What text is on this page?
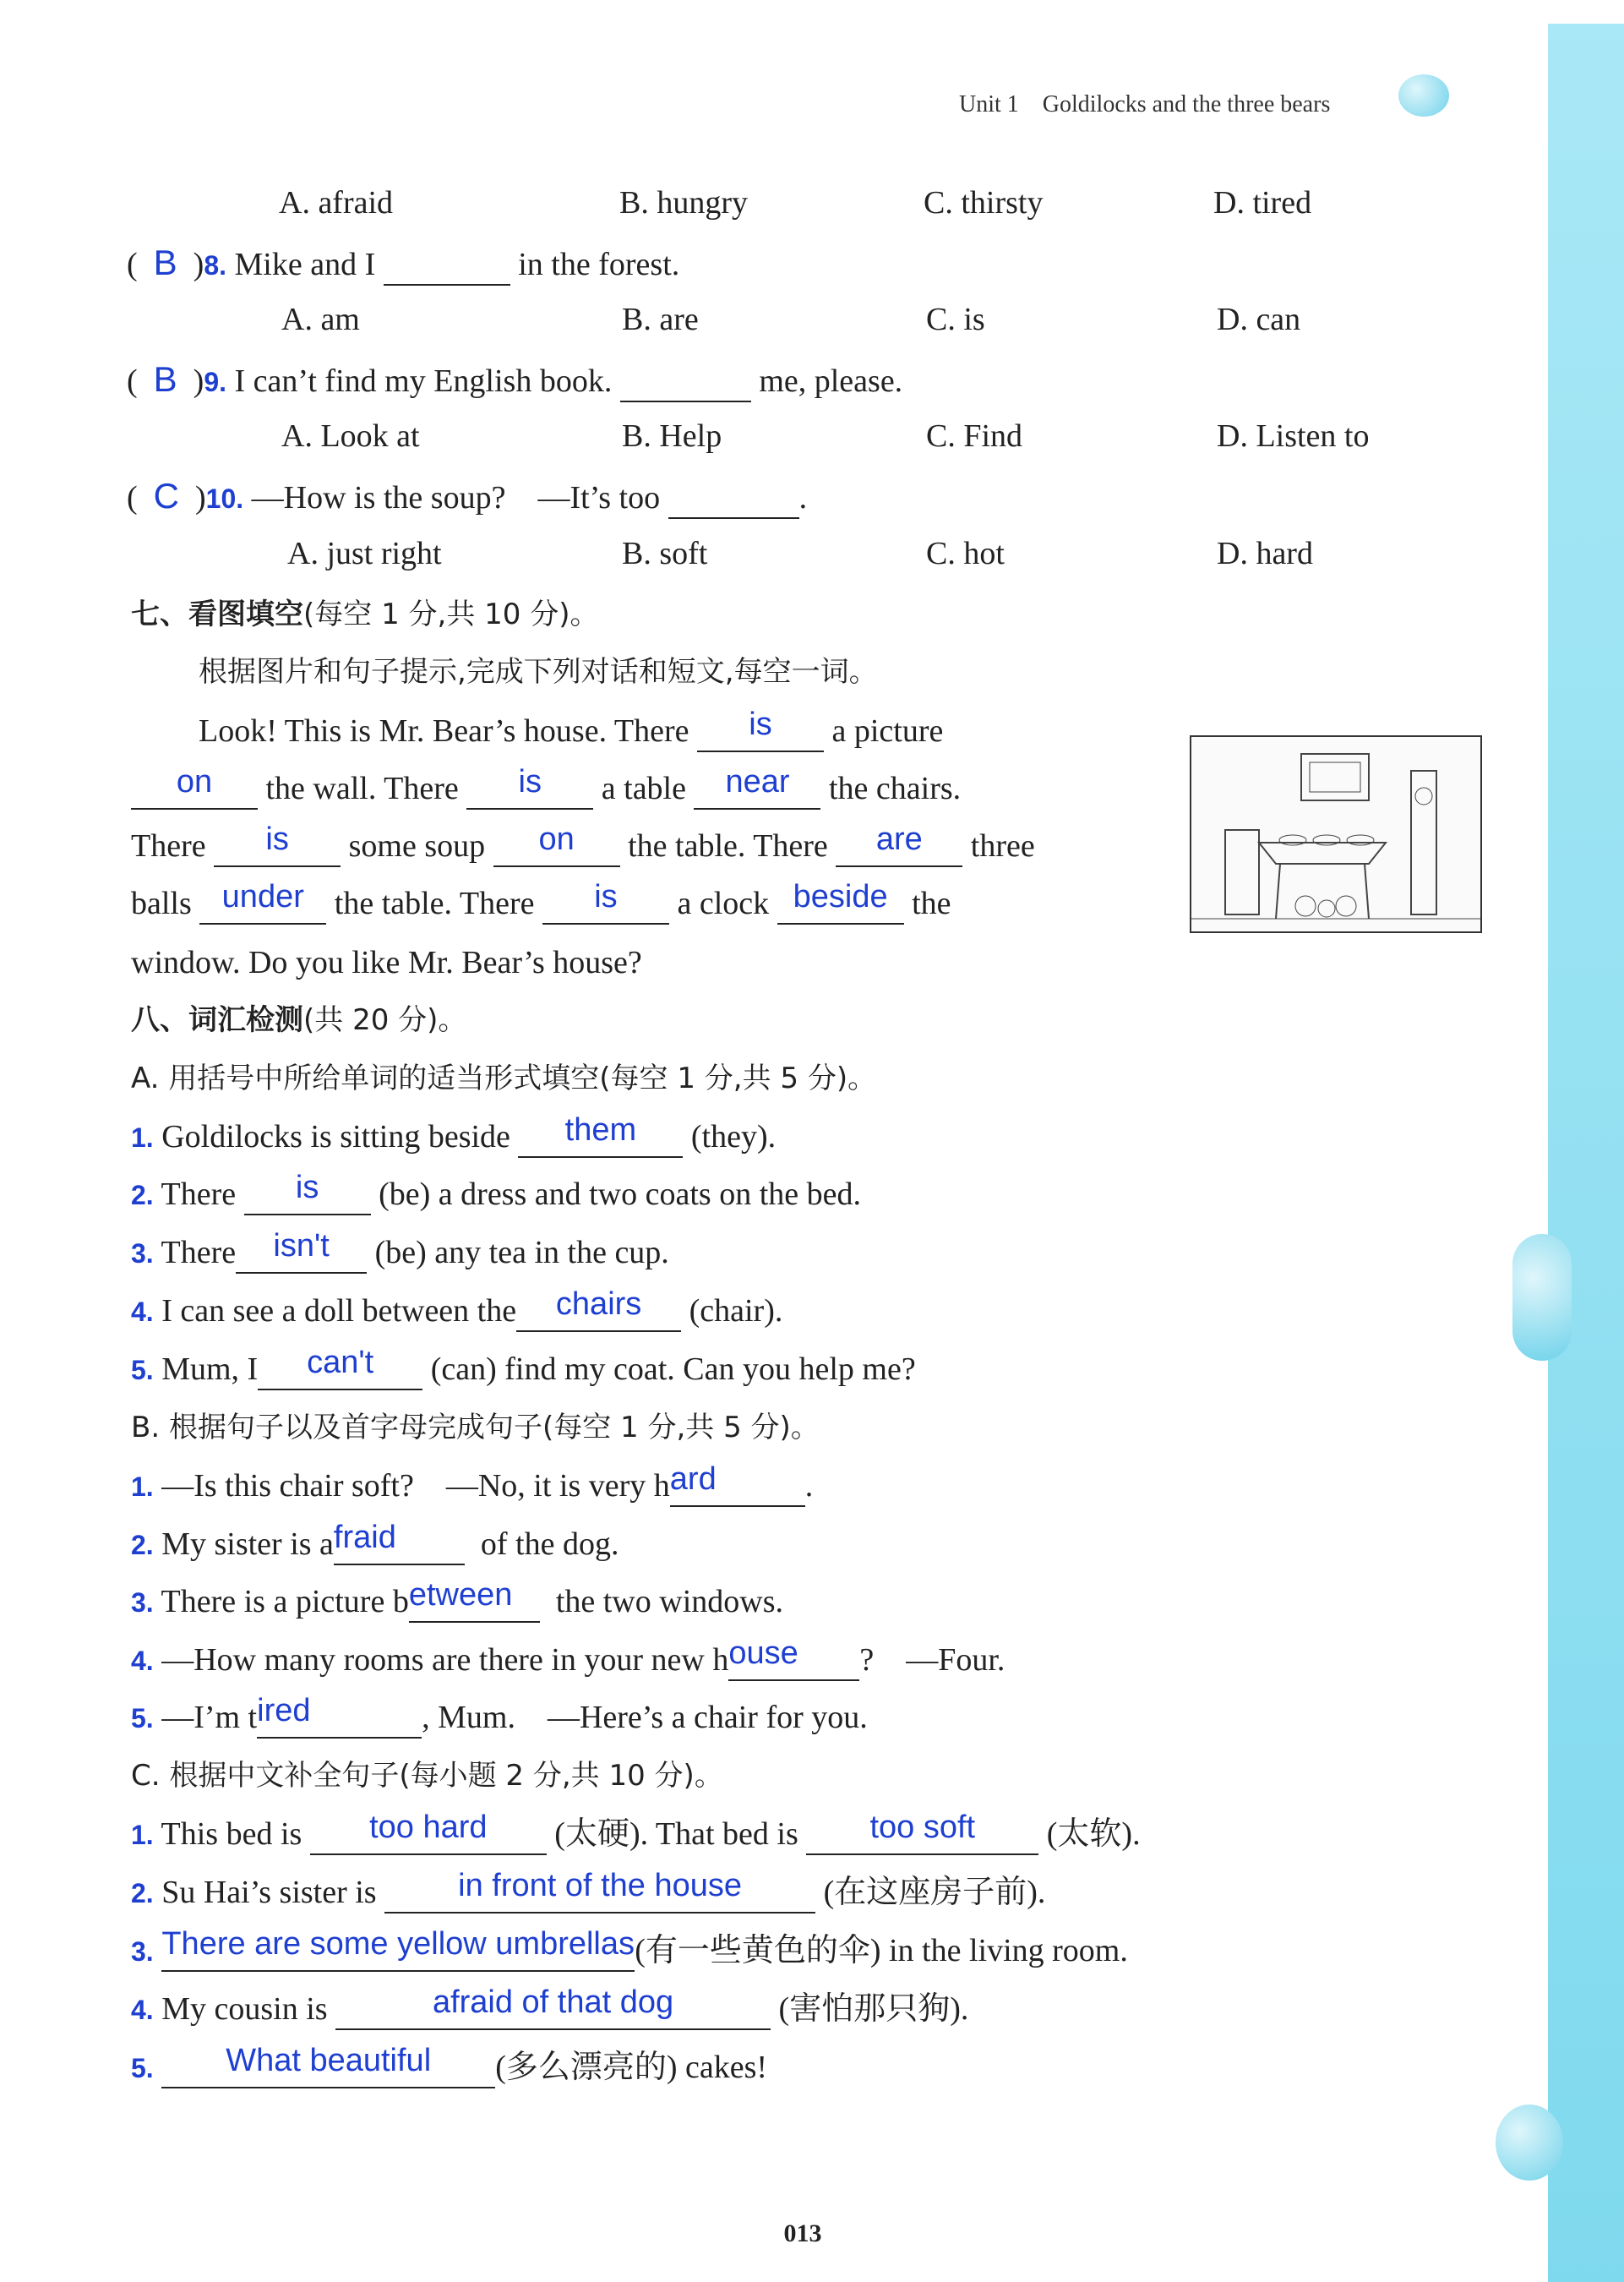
Unit 1 Goldilocks and the three bears
A. afraid	B. hungry	C. thirsty	D. tired
(  B  )8. Mike and I	in the forest.
A. am	B. are	C. is	D. can
(  B  )9. I can’t find my English book.	me, please.
A. Look at	B. Help	C. Find	D. Listen to
(  C  )10. —How is the soup? —It’s too	.
A. just right	B. soft	C. hot	D. hard
七、看图填空(每空 1 分,共 10 分)。
根据图片和句子提示,完成下列对话和短文,每空一词。
Look! This is Mr. Bear’s house. There is a picture
on the wall. There is a table near the chairs.
There is some soup on the table. There are three
balls under the table. There is a clock beside the
window. Do you like Mr. Bear’s house?
八、词汇检测(共 20 分)。
A. 用括号中所给单词的适当形式填空(每空 1 分,共 5 分)。
1. Goldilocks is sitting beside them (they).
2. There is (be) a dress and two coats on the bed.
3. There isn't (be) any tea in the cup.
4. I can see a doll between the chairs (chair).
5. Mum, I can't (can) find my coat. Can you help me?
B. 根据句子以及首字母完成句子(每空 1 分,共 5 分)。
1. —Is this chair soft?    —No, it is very hard	.
2. My sister is afraid	of the dog.
3. There is a picture between the two windows.
4. —How many rooms are there in your new house ?    —Four.
5. —I’m tired	, Mum.    —Here’s a chair for you.
C. 根据中文补全句子(每小题 2 分,共 10 分)。
1. This bed is too hard (太硬). That bed is too soft (太软).
2. Su Hai’s sister is	in front of the house	(在这座房子前).
3. There are some yellow umbrellas(有一些黄色的伞) in the living room.
4. My cousin is	afraid of that dog	(害怕那只狗).
5. What beautiful (多么漂亮的) cakes!
013
